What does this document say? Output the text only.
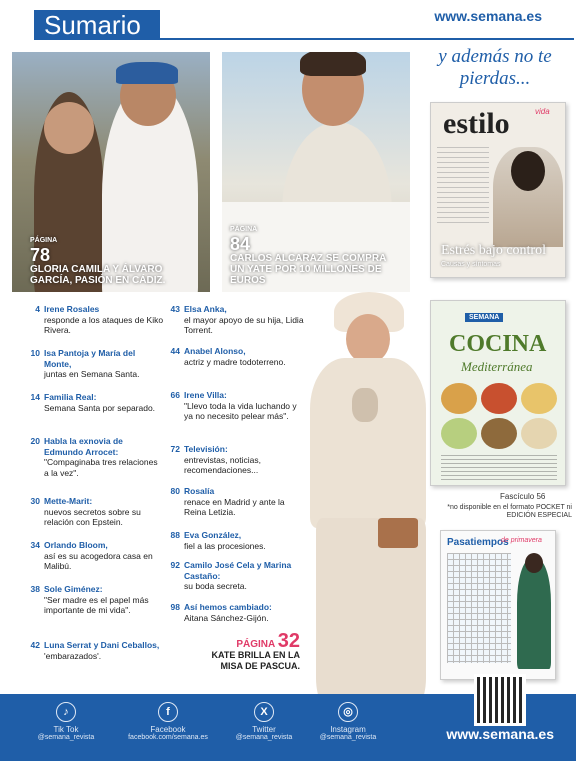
Sumario	www.semana.es
y además no te pierdas...
PÁGINA
78
GLORIA CAMILA Y ÁLVARO GARCÍA, PASIÓN EN CÁDIZ.
PÁGINA
84
CARLOS ALCARAZ SE COMPRA UN YATE POR 10 MILLONES DE EUROS
estilo	vida
Estrés bajo control
Causas y síntomas
SEMANA
COCINA
Mediterránea
Fascículo 56
*no disponible en el formato POCKET ni EDICIÓN ESPECIAL
Pasatiempos
de primavera
4 Irene Rosales
responde a los ataques de Kiko Rivera.
10 Isa Pantoja y María del Monte,
juntas en Semana Santa.
14 Familia Real:
Semana Santa por separado.
20 Habla la exnovia de Edmundo Arrocet:
"Compaginaba tres relaciones a la vez".
30 Mette-Marit:
nuevos secretos sobre su relación con Epstein.
34 Orlando Bloom,
así es su acogedora casa en Malibú.
38 Sole Giménez:
"Ser madre es el papel más importante de mi vida".
42 Luna Serrat y Dani Ceballos,
'embarazados'.
43 Elsa Anka,
el mayor apoyo de su hija, Lidia Torrent.
44 Anabel Alonso,
actriz y madre todoterreno.
66 Irene Villa:
"Llevo toda la vida luchando y ya no necesito pelear más".
72 Televisión:
entrevistas, noticias, recomendaciones...
80 Rosalía
renace en Madrid y ante la Reina Letizia.
88 Eva González,
fiel a las procesiones.
92 Camilo José Cela y Marina Castaño:
su boda secreta.
98 Así hemos cambiado:
Aitana Sánchez-Gijón.
PÁGINA 32
KATE BRILLA EN LA MISA DE PASCUA.
♪
Tik Tok
@semana_revista
f
Facebook
facebook.com/semana.es
X
Twitter
@semana_revista
◎
Instagram
@semana_revista	www.semana.es
